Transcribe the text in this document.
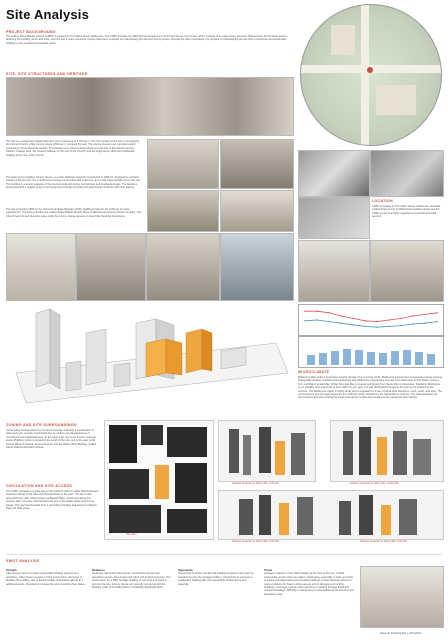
Site Analysis
PROJECT BACKGROUND
The Collins Street Baptist Church (CSBC) is located at 174 Collins Street, Melbourne. The CSBC includes the 1862 Roman temple front church and the Conroy House, which consists of an eight-storey structure. Maintenance for this large asset is declining the building owner and have, over the last 5 years numerous options have been explored for redeveloping the site and Conroy House. Despite the site's constraints, the prospect of redeveloping the site with a mixed-use and sustainable building is now considered a feasible option.
SITE, SITE STRUCTURES AND HERITAGE
The site is a rectangular shaped allotment with a total area of 2,070 sq.m. The front portion of the site is occupied by the Former Church, while Conroy House (200 sq.m.) occupies the rear. The Conroy House is an important period comprising of 8 components namely: The Display room (once a shop) which is to the rear of the Church and the Pastors' Cottage area, the covered walkway to the rear of the Church, and the eight-storey office and residential building at the rear of the Church.
The eight-storey building, Conroy House, is a plain utilitarian structure constructed in 1936-37, designed by architect Garden & Drummond. It is a reinforced concrete construction with a flat roof, and a stair tower and lift core to the rear. The building is a simple example of the interwar style with strong vertical lines and functional design. The facade is punctuated with a regular array of horizontal and vertically proportioned steel framed windows with clear glazing.
The site is Number 1896 on the Victorian Heritage Register (VHR). Buildings listed on the VHR are of "state significance". The listing includes the Collins Street Baptist Church Place of Worship and Conroy House complex. The Church has inherent historical value while the Conroy House appears to have little historical importance.
LOCATION
CSBC is located at 174 Collins Street, Melbourne, Australia. Collins Street is one of Melbourne's leading streets and the CSBC is part of a highly regarded commercial and retail precinct.
MICROCLIMATE
Melbourne falls under a temperate oceanic climate. Due to strong winds, Melbourne experiences temperature swings causing changeable weather conditions throughout the day. Melbourne experiences summer from December to Feb March. Autumn from mid-March to late May. Winter from late May to August and Spring from September to November. Rainfall in Melbourne is not plentiful, and it amounts to about 650 mm per year. It is well distributed throughout the year but is heaviest in the summer. The Melbourne region is highly windy and is regulated by three principal wind directions: north, south, and west. The most frequent and strongest winds are the northerly winds, followed by the southerlies in summer. The cold westerlies are less frequent and occur during the winter and spring months and usually are the causes for thermal loss.
ZONING AND SITE SURROUNDINGS
Surrounding developments is of a mixed intensity, including a combination of older and more recently constructed low to medium rise developments of commercial and residential uses. To the right of the site is the Former Grainger Hutton Building, which is located to the south of the site, and to the east is the Former Bank of Victoria. Surrounding the site are Rialto Office Building, Collins Street Galleria and Nauru House.
CIRCULATION AND SITE ACCESS
The CSBC occupies a regular site on the northern side of Collins Street between Swanston Street to the west and Russell Street to the east. The site is also accessed from Little Collins Street via Baptist Place, which runs along the western side of Former Central Hall (now part of the Rialto Hotel) and Conroy House. The rear land benefits from a secondary frontage and access to Baptist Place (at 30% slope).
Site Plan
Shadow Analysis for March 9th, 9:00 AM	Shadow Analysis for March 9th, 12:00 PM
Shadow Analysis for March 9th, 3:00 PM	Shadow Analysis for March 9th, 3:00 PM
SWOT ANALYSIS
Strength
Clients being open to explore sustainable building systems and retrofitting. Client loses a surplus of their construction resources to facilitate the building, due to limited budget. Potential to add up to 3 additional levels. Potential to increase the size of existing floor plates.
Weakness
Small site with limited site access, construction access and demolition access. Non-foreground client with limited resources. The construction for a 1862 heritage building on the front and Victoria level on the rear. Conroy House not currently complying with the Building Code of Australia (DDA) or Disability Standards 2010.
Opportunity
Opportunity to build a 30-40m tall building footprint to floor plan by transforming into the heritage building. Opportunity to construct a sustainable building with new sustainable infrastructure and materials.
Threat
Heritage protection of the 1862 building at the front of the site. Limited construction access that can make it challenging, especially in close proximity to existing heritage-listed and occupied buildings. Limited laneway access to cause problems for heavy vehicle access and to damage surrounding buildings. Coverage must be close proximity to existing heritage listed and occupied buildings. Difficulty in site access to meet additional construction and demolition costs.
Pamuzi Shekhanda | s3712341
